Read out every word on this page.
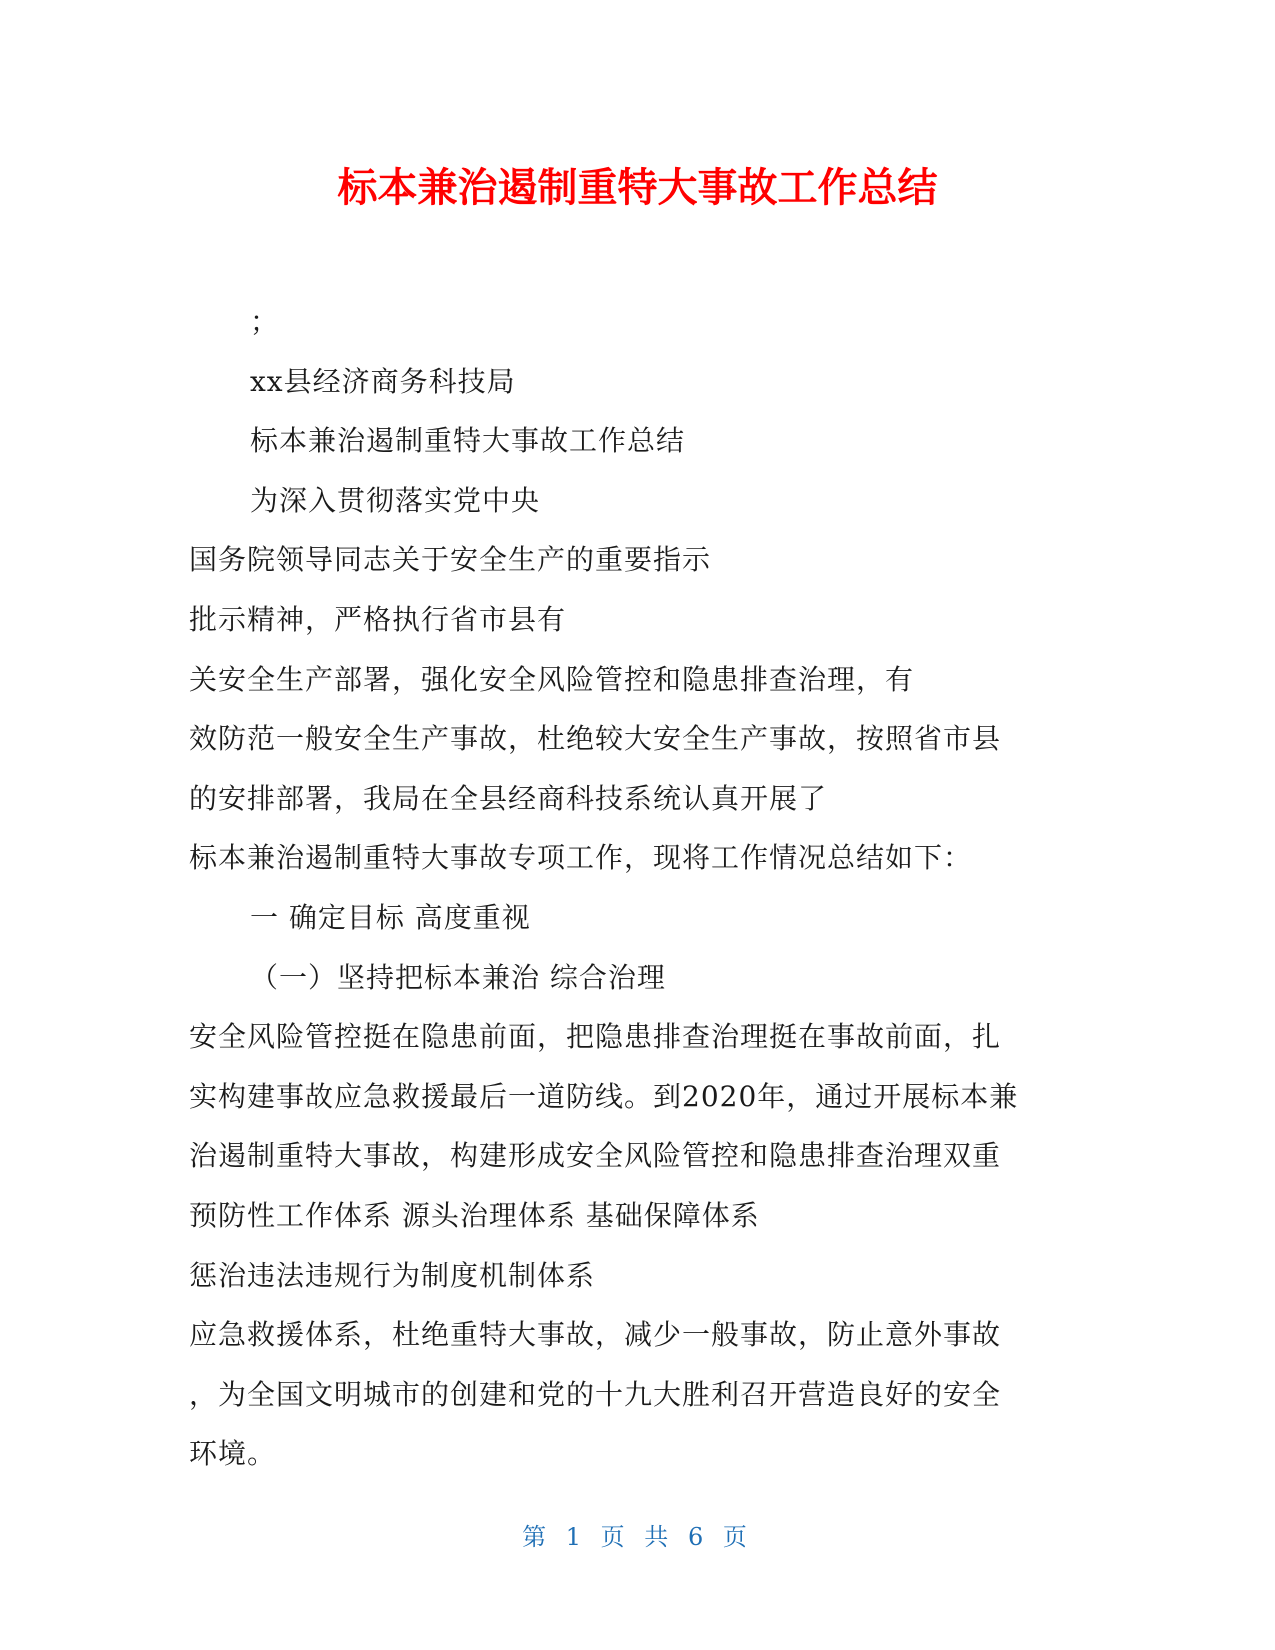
标本兼治遏制重特大事故工作总结

；

xx县经济商务科技局

标本兼治遏制重特大事故工作总结

为深入贯彻落实党中央

国务院领导同志关于安全生产的重要指示

批示精神，严格执行省市县有

关安全生产部署，强化安全风险管控和隐患排查治理，有

效防范一般安全生产事故，杜绝较大安全生产事故，按照省市县

的安排部署，我局在全县经商科技系统认真开展了

标本兼治遏制重特大事故专项工作，现将工作情况总结如下：

一 确定目标 高度重视

（一）坚持把标本兼治 综合治理

安全风险管控挺在隐患前面，把隐患排查治理挺在事故前面，扎

实构建事故应急救援最后一道防线。到2020年，通过开展标本兼

治遏制重特大事故，构建形成安全风险管控和隐患排查治理双重

预防性工作体系 源头治理体系 基础保障体系

惩治违法违规行为制度机制体系

应急救援体系，杜绝重特大事故，减少一般事故，防止意外事故

，为全国文明城市的创建和党的十九大胜利召开营造良好的安全

环境。

第 1 页 共 6 页
